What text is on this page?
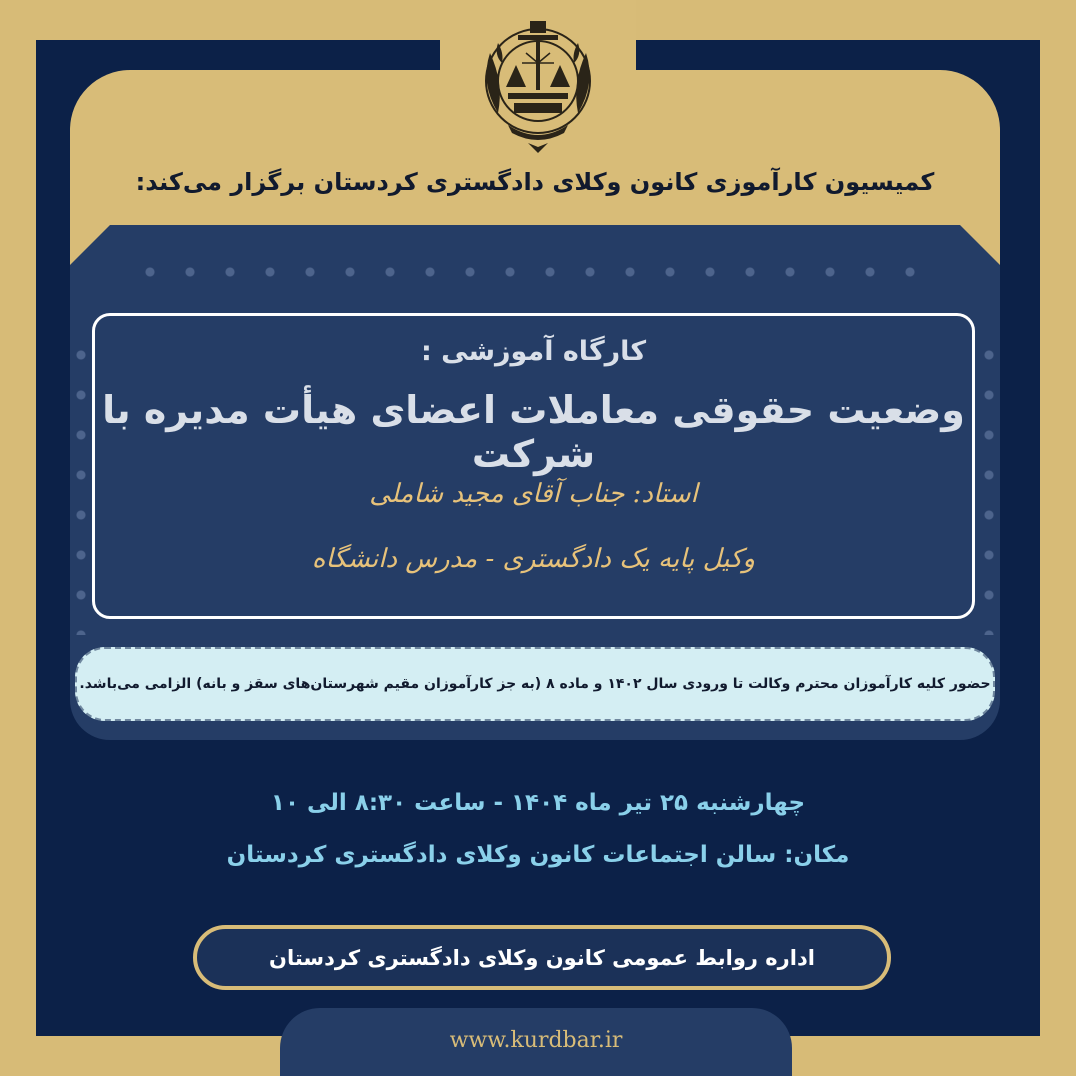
کمیسیون کارآموزی کانون وکلای دادگستری کردستان برگزار می‌کند:
کارگاه آموزشی :
وضعیت حقوقی معاملات اعضای هیأت مدیره با شرکت
استاد: جناب آقای مجید شاملی
وکیل پایه یک دادگستری - مدرس دانشگاه
حضور کلیه کارآموزان محترم وکالت تا ورودی سال ۱۴۰۲ و ماده ۸ (به جز کارآموزان مقیم شهرستان‌های سقز و بانه) الزامی می‌باشد.
چهارشنبه ۲۵ تیر ماه ۱۴۰۴ - ساعت ۸:۳۰ الی ۱۰
مکان: سالن اجتماعات کانون وکلای دادگستری کردستان
اداره روابط عمومی کانون وکلای دادگستری کردستان
www.kurdbar.ir
